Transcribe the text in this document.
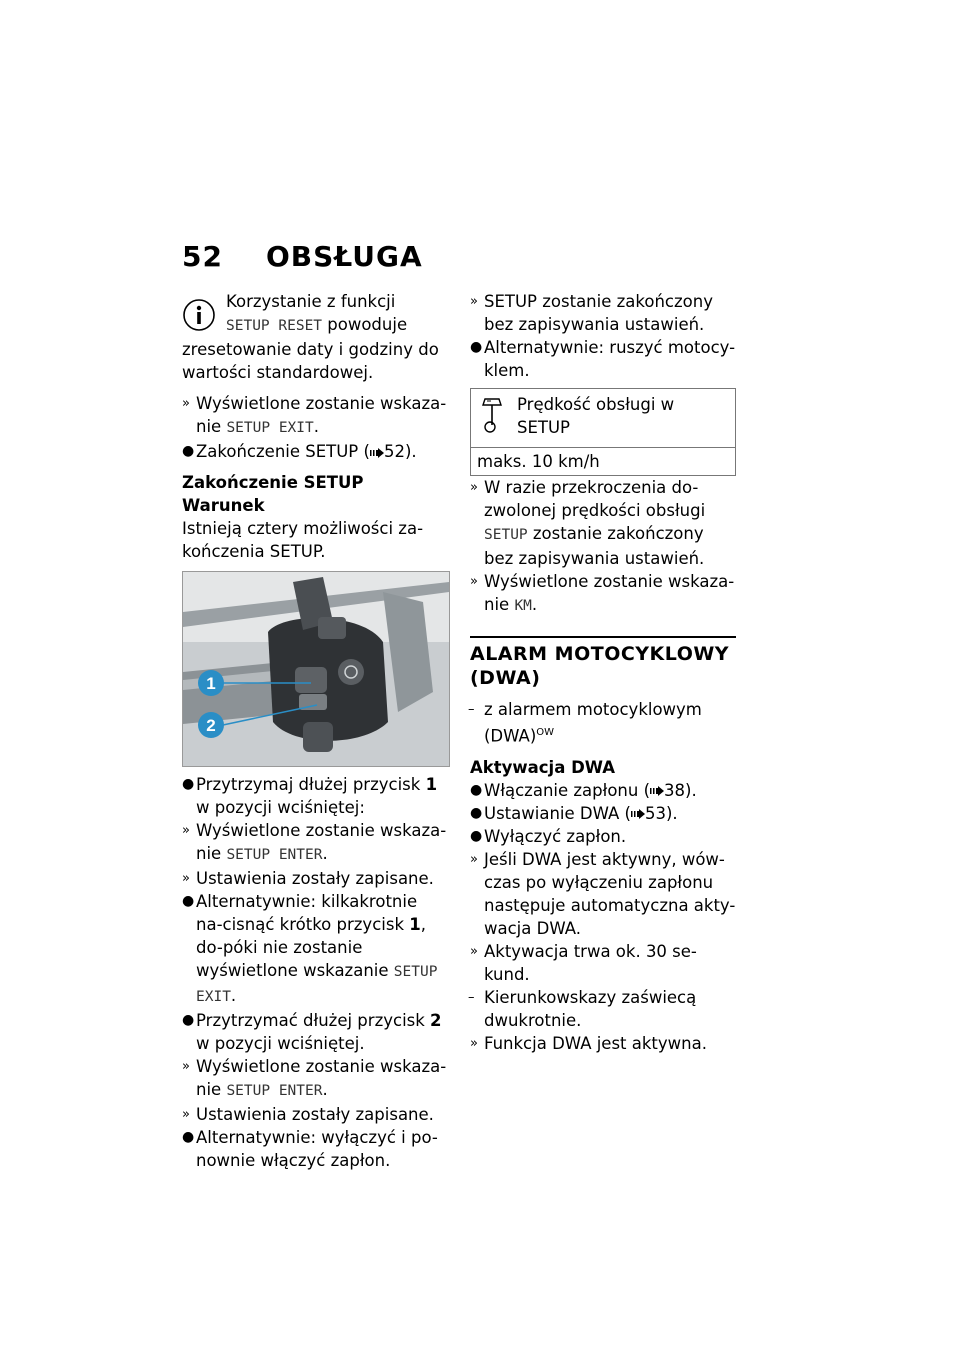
52 OBSŁUGA

Korzystanie z funkcji

SETUP RESET powoduje

zresetowanie daty i godziny do wartości standardowej.

» Wyświetlone zostanie wskaza-
nie SETUP EXIT.
● Zakończenie SETUP ( 52).

Zakończenie SETUP

Warunek

Istnieją cztery możliwości za-kończenia SETUP.

1
2
● Przytrzymaj dłużej przycisk 1
w pozycji wciśniętej:
» Wyświetlone zostanie wskaza-
nie SETUP ENTER.
» Ustawienia zostały zapisane.
● Alternatywnie: kilkakrotnie na-cisnąć krótko przycisk 1, do-póki nie zostanie wyświetlone wskazanie SETUP EXIT.
● Przytrzymać dłużej przycisk 2
w pozycji wciśniętej.
» Wyświetlone zostanie wskaza-
nie SETUP ENTER.
» Ustawienia zostały zapisane.
● Alternatywnie: wyłączyć i po-nownie włączyć zapłon.
» SETUP zostanie zakończony bez zapisywania ustawień.
● Alternatywnie: ruszyć motocy-klem.

Prędkość obsługi w SETUP

maks. 10 km/h
» W razie przekroczenia do-zwolonej prędkości obsługi SETUP zostanie zakończony bez zapisywania ustawień.
» Wyświetlone zostanie wskaza-
nie KM.

ALARM MOTOCYKLOWY (DWA)

– z alarmem motocyklowym (DWA)$^{OW}$

Aktywacja DWA

● Włączanie zapłonu ( 38).
● Ustawianie DWA ( 53).
● Wyłączyć zapłon.
» Jeśli DWA jest aktywny, wów-czas po wyłączeniu zapłonu następuje automatyczna akty-wacja DWA.
» Aktywacja trwa ok. 30 se-kund.
– Kierunkowskazy zaświecą dwukrotnie.
» Funkcja DWA jest aktywna.
